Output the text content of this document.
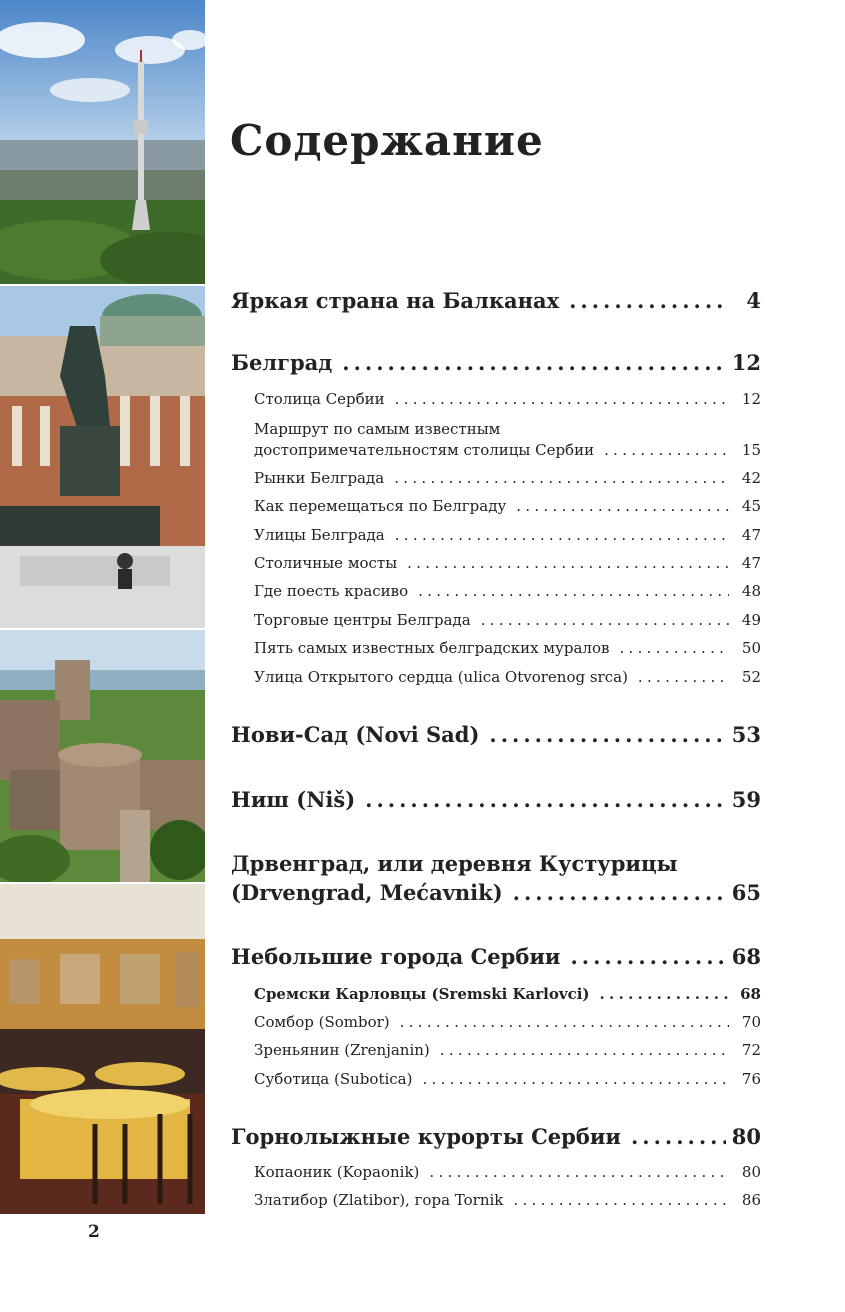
Содержание
Яркая страна на Балканах .....	4
Белград .....	12
Столица Сербии .....	12
Маршрут по самым известным
достопримечательностям столицы Сербии .....	15
Рынки Белграда .....	42
Как перемещаться по Белграду .....	45
Улицы Белграда .....	47
Столичные мосты .....	47
Где поесть красиво .....	48
Торговые центры Белграда .....	49
Пять самых известных белградских муралов .....	50
Улица Открытого сердца (ulica Otvorenog srca) .....	52
Нови-Сад (Novi Sad) .....	53
Ниш (Niš) .....	59
Дрвенград, или деревня Кустурицы
(Drvengrad, Mećavnik) .....	65
Небольшие города Сербии .....	68
Сремски Карловцы (Sremski Karlovci) .....	68
Сомбор (Sombor) .....	70
Зреньянин (Zrenjanin) .....	72
Суботица (Subotica) .....	76
Горнолыжные курорты Сербии .....	80
Копаоник (Kopaonik) .....	80
Златибор (Zlatibor), гора Tornik .....	86
2
